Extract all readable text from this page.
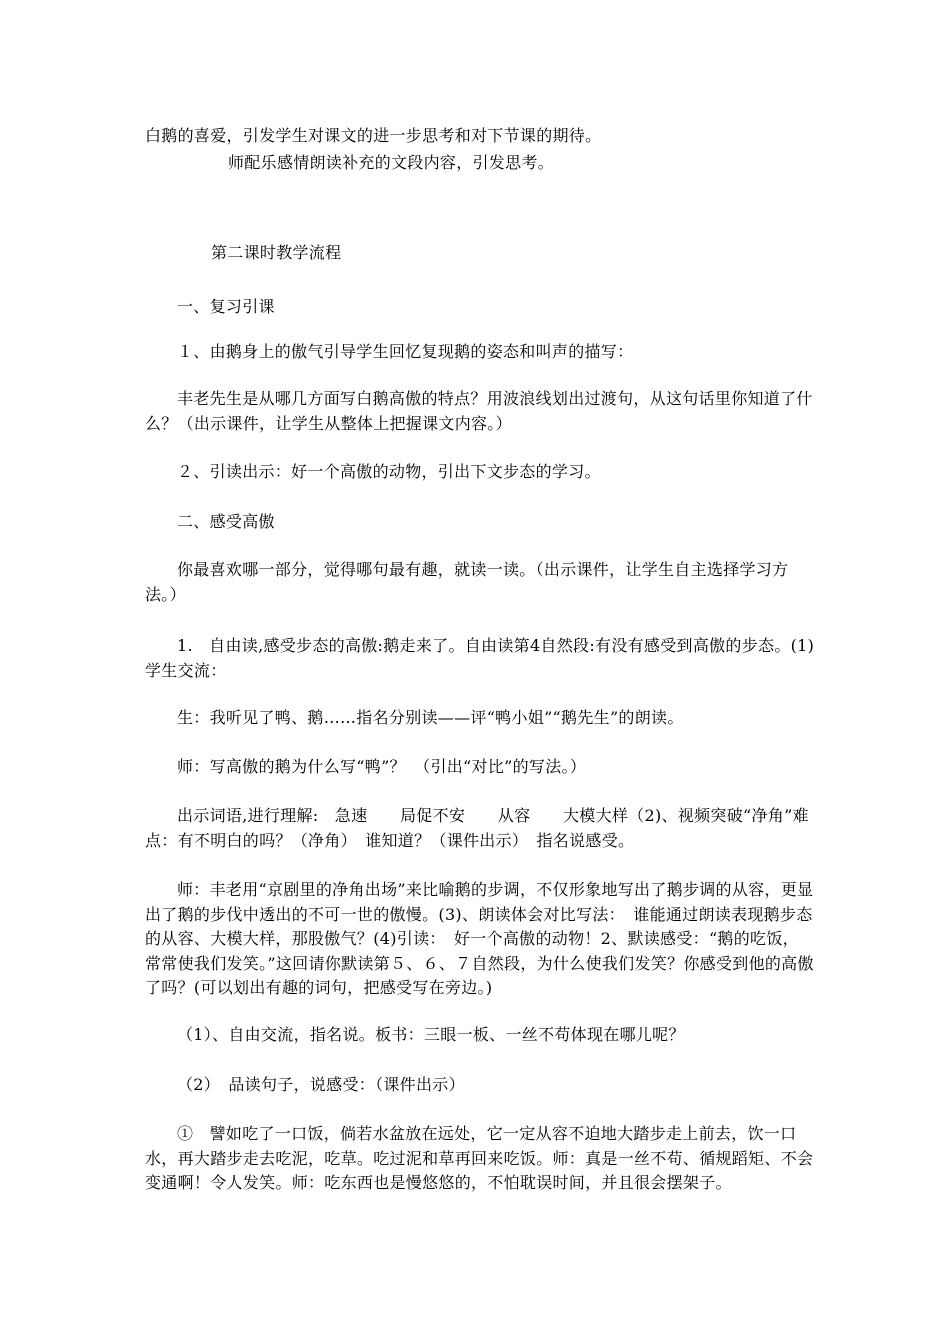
白鹅的喜爱，引发学生对课文的进一步思考和对下节课的期待。

师配乐感情朗读补充的文段内容，引发思考。

第二课时教学流程

一、复习引课

１、由鹅身上的傲气引导学生回忆复现鹅的姿态和叫声的描写：

丰老先生是从哪几方面写白鹅高傲的特点？用波浪线划出过渡句，从这句话里你知道了什么？（出示课件，让学生从整体上把握课文内容。）

２、引读出示：好一个高傲的动物，引出下文步态的学习。

二、感受高傲

你最喜欢哪一部分，觉得哪句最有趣，就读一读。（出示课件，让学生自主选择学习方法。）

1.　自由读,感受步态的高傲:鹅走来了。自由读第4自然段:有没有感受到高傲的步态。(1)　学生交流：

生：我听见了鸭、鹅……指名分别读——评“鸭小姐”“鹅先生”的朗读。

师：写高傲的鹅为什么写“鸭”？　（引出“对比”的写法。）

出示词语,进行理解:　急速　　局促不安　　从容　　大模大样（2)、视频突破“净角”难点：有不明白的吗？（净角）　谁知道？（课件出示）　指名说感受。

师：丰老用“京剧里的净角出场”来比喻鹅的步调，不仅形象地写出了鹅步调的从容，更显出了鹅的步伐中透出的不可一世的傲慢。(3)、朗读体会对比写法：　谁能通过朗读表现鹅步态的从容、大模大样，那股傲气？(4)引读：　好一个高傲的动物！2、默读感受：“鹅的吃饭，常常使我们发笑。”这回请你默读第５、６、７自然段，为什么使我们发笑？你感受到他的高傲了吗？(可以划出有趣的词句，把感受写在旁边。)

（1）、自由交流，指名说。板书：三眼一板、一丝不苟体现在哪儿呢？

（2）　品读句子，说感受：（课件出示）

①　譬如吃了一口饭，倘若水盆放在远处，它一定从容不迫地大踏步走上前去，饮一口水，再大踏步走去吃泥，吃草。吃过泥和草再回来吃饭。师：真是一丝不苟、循规蹈矩、不会变通啊！令人发笑。师：吃东西也是慢悠悠的，不怕耽误时间，并且很会摆架子。
